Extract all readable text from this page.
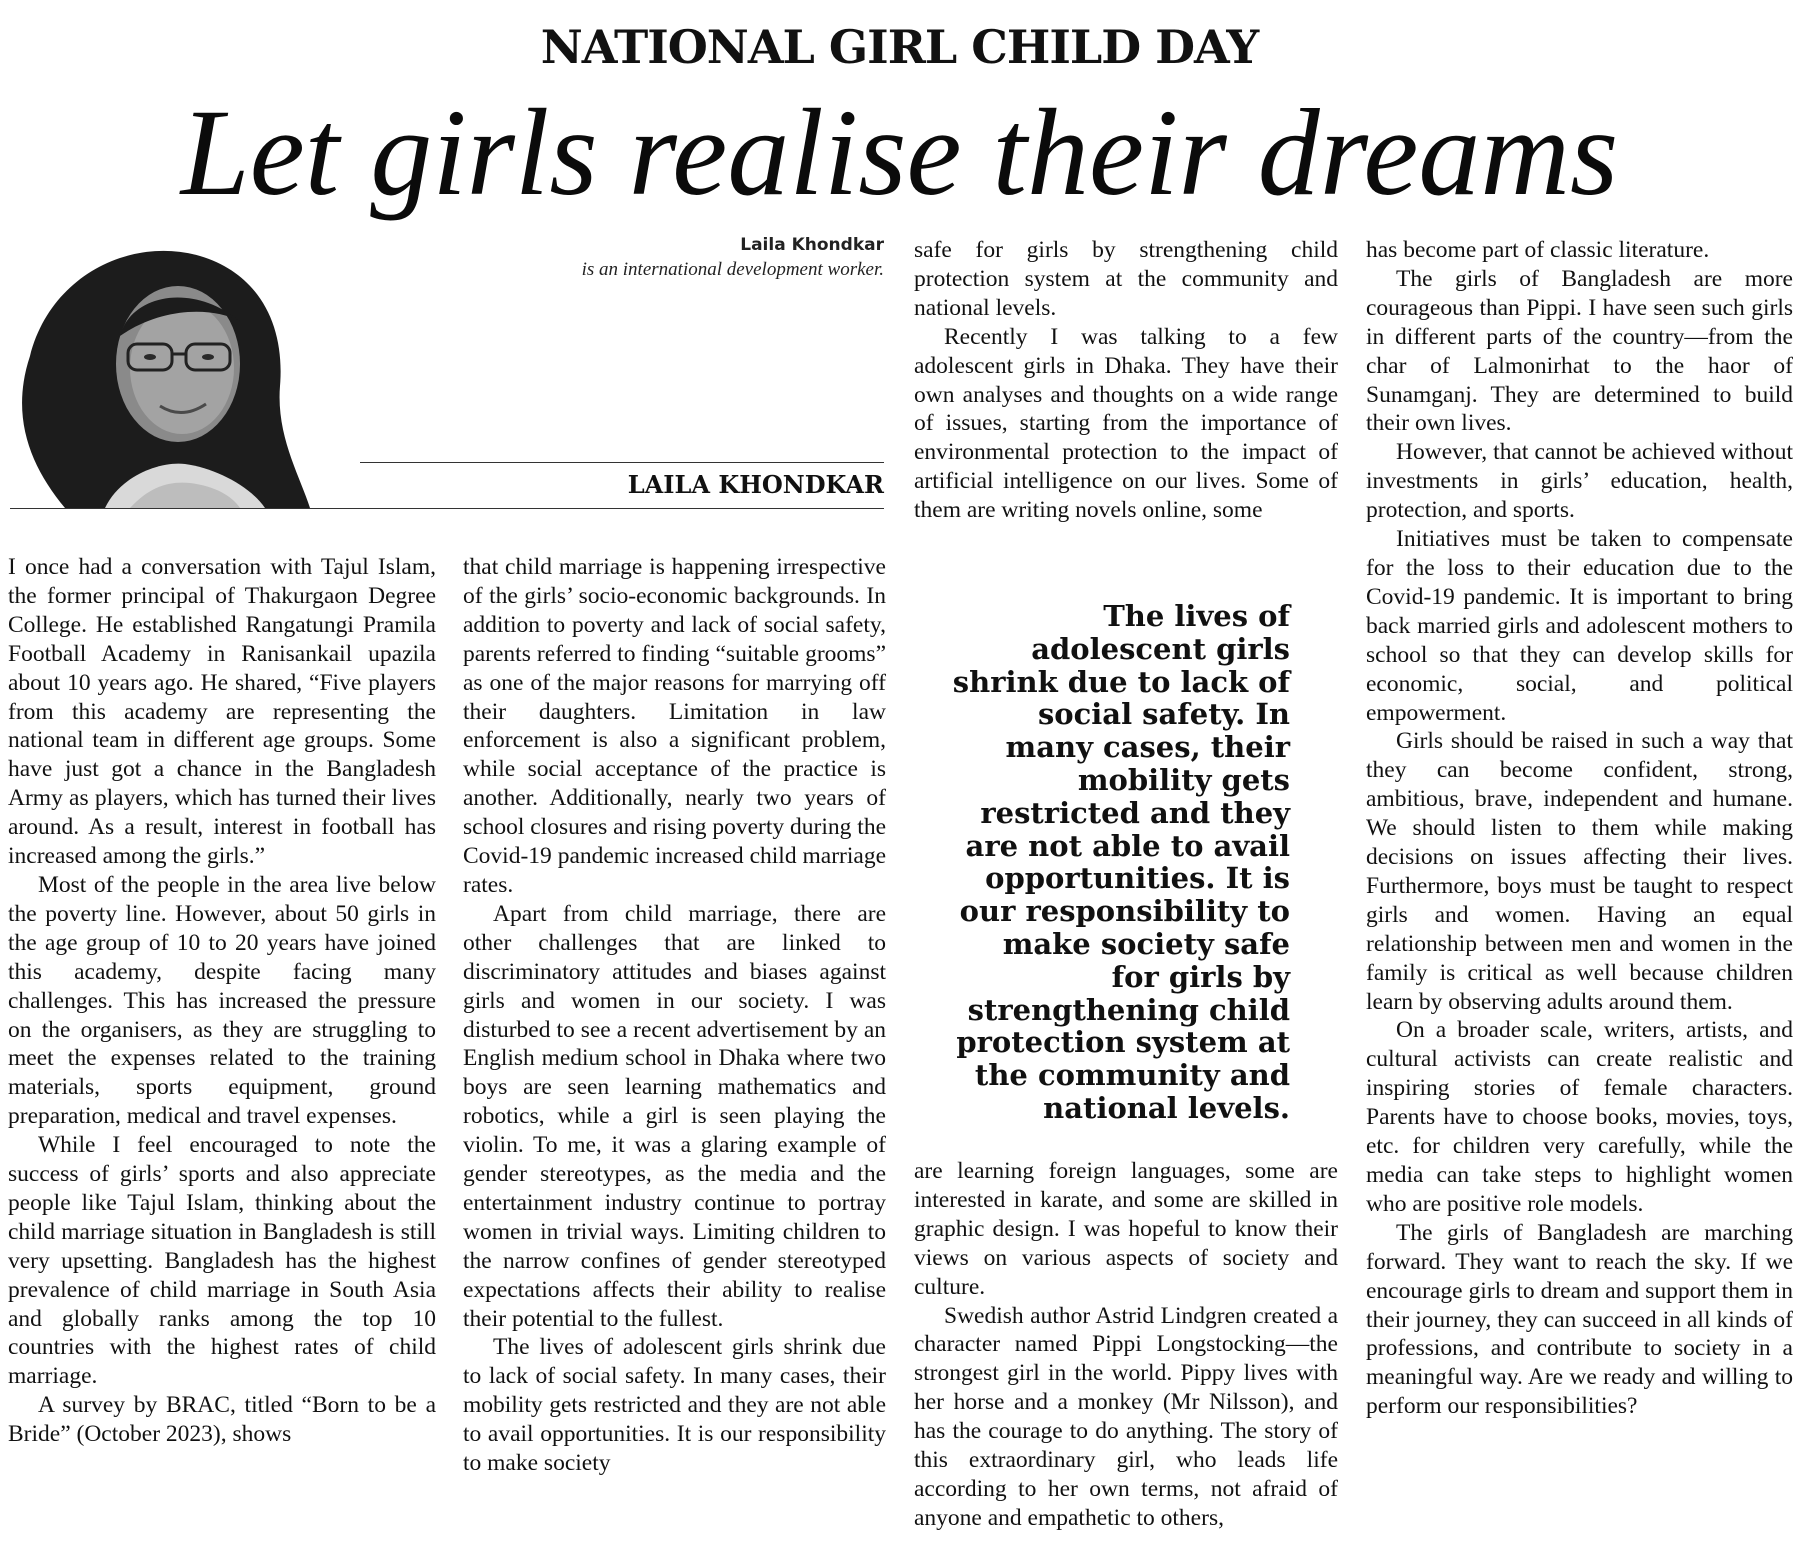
NATIONAL GIRL CHILD DAY
Let girls realise their dreams
Laila Khondkar
is an international development worker.
LAILA KHONDKAR

I once had a conversation with Tajul Islam, the former principal of Thakurgaon Degree College. He established Rangatungi Pramila Football Academy in Ranisankail upazila about 10 years ago. He shared, “Five players from this academy are representing the national team in different age groups. Some have just got a chance in the Bangladesh Army as players, which has turned their lives around. As a result, interest in football has increased among the girls.”

Most of the people in the area live below the poverty line. However, about 50 girls in the age group of 10 to 20 years have joined this academy, despite facing many challenges. This has increased the pressure on the organisers, as they are struggling to meet the expenses related to the training materials, sports equipment, ground preparation, medical and travel expenses.

While I feel encouraged to note the success of girls’ sports and also appreciate people like Tajul Islam, thinking about the child marriage situation in Bangladesh is still very upsetting. Bangladesh has the highest prevalence of child marriage in South Asia and globally ranks among the top 10 countries with the highest rates of child marriage.

A survey by BRAC, titled “Born to be a Bride” (October 2023), shows

that child marriage is happening irrespective of the girls’ socio-economic backgrounds. In addition to poverty and lack of social safety, parents referred to finding “suitable grooms” as one of the major reasons for marrying off their daughters. Limitation in law enforcement is also a significant problem, while social acceptance of the practice is another. Additionally, nearly two years of school closures and rising poverty during the Covid-19 pandemic increased child marriage rates.

Apart from child marriage, there are other challenges that are linked to discriminatory attitudes and biases against girls and women in our society. I was disturbed to see a recent advertisement by an English medium school in Dhaka where two boys are seen learning mathematics and robotics, while a girl is seen playing the violin. To me, it was a glaring example of gender stereotypes, as the media and the entertainment industry continue to portray women in trivial ways. Limiting children to the narrow confines of gender stereotyped expectations affects their ability to realise their potential to the fullest.

The lives of adolescent girls shrink due to lack of social safety. In many cases, their mobility gets restricted and they are not able to avail opportunities. It is our responsibility to make society

safe for girls by strengthening child protection system at the community and national levels.

Recently I was talking to a few adolescent girls in Dhaka. They have their own analyses and thoughts on a wide range of issues, starting from the importance of environmental protection to the impact of artificial intelligence on our lives. Some of them are writing novels online, some

The lives of adolescent girls shrink due to lack of social safety. In many cases, their mobility gets restricted and they are not able to avail opportunities. It is our responsibility to make society safe for girls by strengthening child protection system at the community and national levels.

are learning foreign languages, some are interested in karate, and some are skilled in graphic design. I was hopeful to know their views on various aspects of society and culture.

Swedish author Astrid Lindgren created a character named Pippi Longstocking—the strongest girl in the world. Pippy lives with her horse and a monkey (Mr Nilsson), and has the courage to do anything. The story of this extraordinary girl, who leads life according to her own terms, not afraid of anyone and empathetic to others,

has become part of classic literature.

The girls of Bangladesh are more courageous than Pippi. I have seen such girls in different parts of the country—from the char of Lalmonirhat to the haor of Sunamganj. They are determined to build their own lives.

However, that cannot be achieved without investments in girls’ education, health, protection, and sports.

Initiatives must be taken to compensate for the loss to their education due to the Covid-19 pandemic. It is important to bring back married girls and adolescent mothers to school so that they can develop skills for economic, social, and political empowerment.

Girls should be raised in such a way that they can become confident, strong, ambitious, brave, independent and humane. We should listen to them while making decisions on issues affecting their lives. Furthermore, boys must be taught to respect girls and women. Having an equal relationship between men and women in the family is critical as well because children learn by observing adults around them.

On a broader scale, writers, artists, and cultural activists can create realistic and inspiring stories of female characters. Parents have to choose books, movies, toys, etc. for children very carefully, while the media can take steps to highlight women who are positive role models.

The girls of Bangladesh are marching forward. They want to reach the sky. If we encourage girls to dream and support them in their journey, they can succeed in all kinds of professions, and contribute to society in a meaningful way. Are we ready and willing to perform our responsibilities?
